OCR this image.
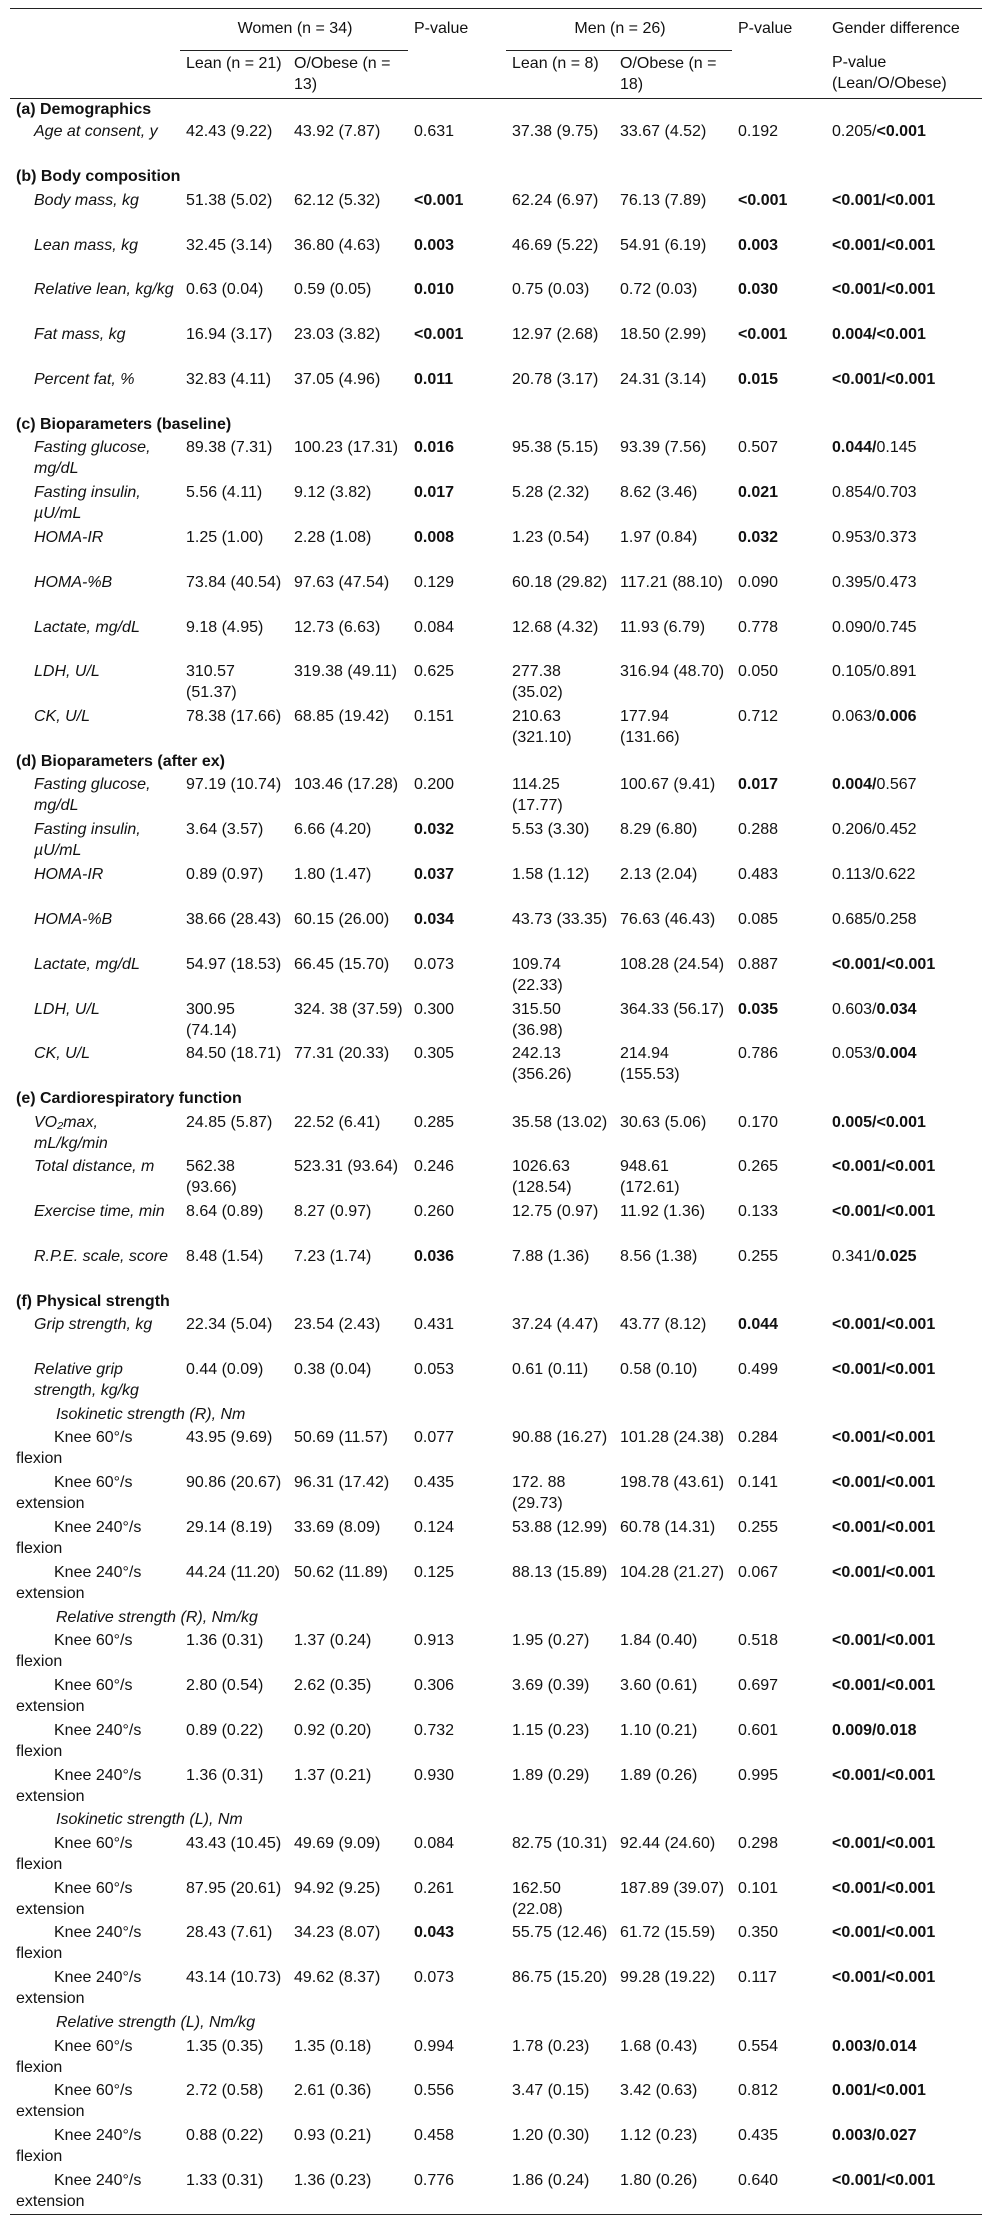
	Women (n = 34)		P-value	Men (n = 26)		P-value	Gender difference
	Lean (n = 21)	O/Obese (n = 13)		Lean (n = 8)	O/Obese (n = 18)		P-value (Lean/O/Obese)
(a) Demographics							
Age at consent, y	42.43 (9.22)	43.92 (7.87)	0.631	37.38 (9.75)	33.67 (4.52)	0.192	0.205/<0.001
(b) Body composition							
Body mass, kg	51.38 (5.02)	62.12 (5.32)	<0.001	62.24 (6.97)	76.13 (7.89)	<0.001	<0.001/<0.001
Lean mass, kg	32.45 (3.14)	36.80 (4.63)	0.003	46.69 (5.22)	54.91 (6.19)	0.003	<0.001/<0.001
Relative lean, kg/kg	0.63 (0.04)	0.59 (0.05)	0.010	0.75 (0.03)	0.72 (0.03)	0.030	<0.001/<0.001
Fat mass, kg	16.94 (3.17)	23.03 (3.82)	<0.001	12.97 (2.68)	18.50 (2.99)	<0.001	0.004/<0.001
Percent fat, %	32.83 (4.11)	37.05 (4.96)	0.011	20.78 (3.17)	24.31 (3.14)	0.015	<0.001/<0.001
(c) Bioparameters (baseline)							
Fasting glucose, mg/dL	89.38 (7.31)	100.23 (17.31)	0.016	95.38 (5.15)	93.39 (7.56)	0.507	0.044/0.145
Fasting insulin, µU/mL	5.56 (4.11)	9.12 (3.82)	0.017	5.28 (2.32)	8.62 (3.46)	0.021	0.854/0.703
HOMA-IR	1.25 (1.00)	2.28 (1.08)	0.008	1.23 (0.54)	1.97 (0.84)	0.032	0.953/0.373
HOMA-%B	73.84 (40.54)	97.63 (47.54)	0.129	60.18 (29.82)	117.21 (88.10)	0.090	0.395/0.473
Lactate, mg/dL	9.18 (4.95)	12.73 (6.63)	0.084	12.68 (4.32)	11.93 (6.79)	0.778	0.090/0.745
LDH, U/L	310.57 (51.37)	319.38 (49.11)	0.625	277.38 (35.02)	316.94 (48.70)	0.050	0.105/0.891
CK, U/L	78.38 (17.66)	68.85 (19.42)	0.151	210.63 (321.10)	177.94 (131.66)	0.712	0.063/0.006
(d) Bioparameters (after ex)							
Fasting glucose, mg/dL	97.19 (10.74)	103.46 (17.28)	0.200	114.25 (17.77)	100.67 (9.41)	0.017	0.004/0.567
Fasting insulin, µU/mL	3.64 (3.57)	6.66 (4.20)	0.032	5.53 (3.30)	8.29 (6.80)	0.288	0.206/0.452
HOMA-IR	0.89 (0.97)	1.80 (1.47)	0.037	1.58 (1.12)	2.13 (2.04)	0.483	0.113/0.622
HOMA-%B	38.66 (28.43)	60.15 (26.00)	0.034	43.73 (33.35)	76.63 (46.43)	0.085	0.685/0.258
Lactate, mg/dL	54.97 (18.53)	66.45 (15.70)	0.073	109.74 (22.33)	108.28 (24.54)	0.887	<0.001/<0.001
LDH, U/L	300.95 (74.14)	324. 38 (37.59)	0.300	315.50 (36.98)	364.33 (56.17)	0.035	0.603/0.034
CK, U/L	84.50 (18.71)	77.31 (20.33)	0.305	242.13 (356.26)	214.94 (155.53)	0.786	0.053/0.004
(e) Cardiorespiratory function							
VO₂max, mL/kg/min	24.85 (5.87)	22.52 (6.41)	0.285	35.58 (13.02)	30.63 (5.06)	0.170	0.005/<0.001
Total distance, m	562.38 (93.66)	523.31 (93.64)	0.246	1026.63 (128.54)	948.61 (172.61)	0.265	<0.001/<0.001
Exercise time, min	8.64 (0.89)	8.27 (0.97)	0.260	12.75 (0.97)	11.92 (1.36)	0.133	<0.001/<0.001
R.P.E. scale, score	8.48 (1.54)	7.23 (1.74)	0.036	7.88 (1.36)	8.56 (1.38)	0.255	0.341/0.025
(f) Physical strength							
Grip strength, kg	22.34 (5.04)	23.54 (2.43)	0.431	37.24 (4.47)	43.77 (8.12)	0.044	<0.001/<0.001
Relative grip strength, kg/kg	0.44 (0.09)	0.38 (0.04)	0.053	0.61 (0.11)	0.58 (0.10)	0.499	<0.001/<0.001
Isokinetic strength (R), Nm							
Knee 60°/s flexion	43.95 (9.69)	50.69 (11.57)	0.077	90.88 (16.27)	101.28 (24.38)	0.284	<0.001/<0.001
Knee 60°/s extension	90.86 (20.67)	96.31 (17.42)	0.435	172. 88 (29.73)	198.78 (43.61)	0.141	<0.001/<0.001
Knee 240°/s flexion	29.14 (8.19)	33.69 (8.09)	0.124	53.88 (12.99)	60.78 (14.31)	0.255	<0.001/<0.001
Knee 240°/s extension	44.24 (11.20)	50.62 (11.89)	0.125	88.13 (15.89)	104.28 (21.27)	0.067	<0.001/<0.001
Relative strength (R), Nm/kg							
Knee 60°/s flexion	1.36 (0.31)	1.37 (0.24)	0.913	1.95 (0.27)	1.84 (0.40)	0.518	<0.001/<0.001
Knee 60°/s extension	2.80 (0.54)	2.62 (0.35)	0.306	3.69 (0.39)	3.60 (0.61)	0.697	<0.001/<0.001
Knee 240°/s flexion	0.89 (0.22)	0.92 (0.20)	0.732	1.15 (0.23)	1.10 (0.21)	0.601	0.009/0.018
Knee 240°/s extension	1.36 (0.31)	1.37 (0.21)	0.930	1.89 (0.29)	1.89 (0.26)	0.995	<0.001/<0.001
Isokinetic strength (L), Nm							
Knee 60°/s flexion	43.43 (10.45)	49.69 (9.09)	0.084	82.75 (10.31)	92.44 (24.60)	0.298	<0.001/<0.001
Knee 60°/s extension	87.95 (20.61)	94.92 (9.25)	0.261	162.50 (22.08)	187.89 (39.07)	0.101	<0.001/<0.001
Knee 240°/s flexion	28.43 (7.61)	34.23 (8.07)	0.043	55.75 (12.46)	61.72 (15.59)	0.350	<0.001/<0.001
Knee 240°/s extension	43.14 (10.73)	49.62 (8.37)	0.073	86.75 (15.20)	99.28 (19.22)	0.117	<0.001/<0.001
Relative strength (L), Nm/kg							
Knee 60°/s flexion	1.35 (0.35)	1.35 (0.18)	0.994	1.78 (0.23)	1.68 (0.43)	0.554	0.003/0.014
Knee 60°/s extension	2.72 (0.58)	2.61 (0.36)	0.556	3.47 (0.15)	3.42 (0.63)	0.812	0.001/<0.001
Knee 240°/s flexion	0.88 (0.22)	0.93 (0.21)	0.458	1.20 (0.30)	1.12 (0.23)	0.435	0.003/0.027
Knee 240°/s extension	1.33 (0.31)	1.36 (0.23)	0.776	1.86 (0.24)	1.80 (0.26)	0.640	<0.001/<0.001
